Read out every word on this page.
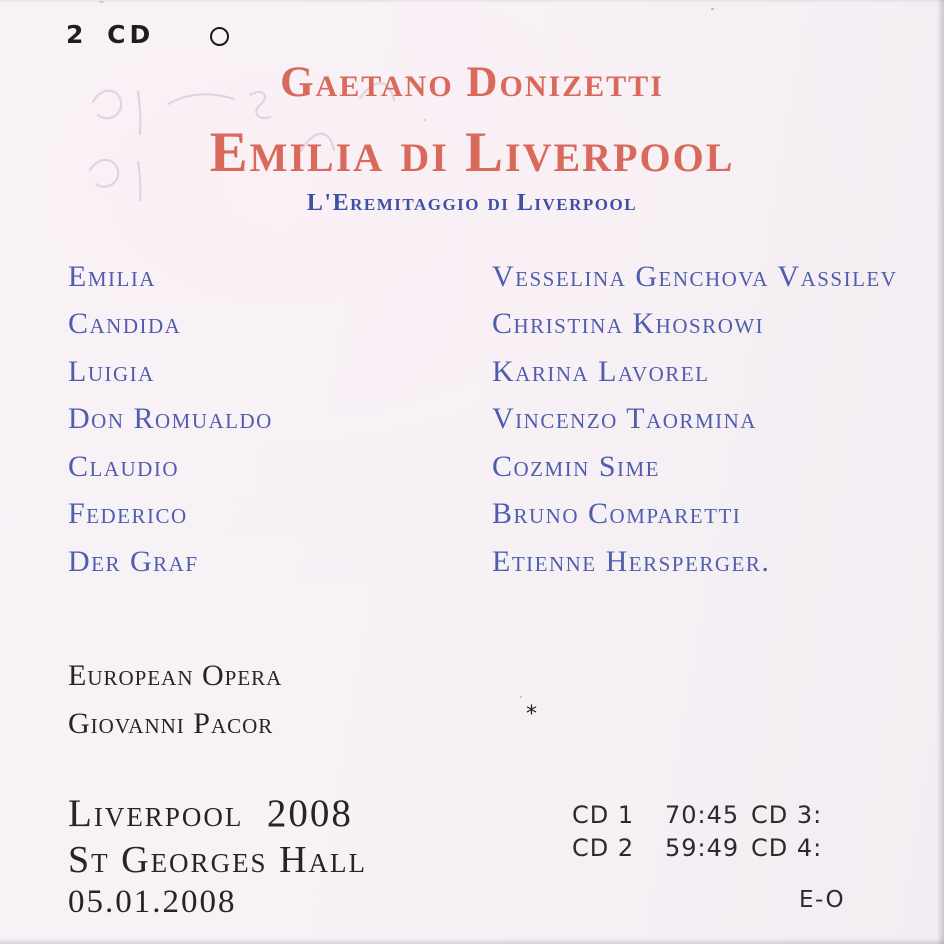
2 CD
Gaetano Donizetti
Emilia di Liverpool
L'Eremitaggio di Liverpool
Emilia	Vesselina Genchova Vassilev
Candida	Christina Khosrowi
Luigia	Karina Lavorel
Don Romualdo	Vincenzo Taormina
Claudio	Cozmin Sime
Federico	Bruno Comparetti
Der Graf	Etienne Hersperger.
European Opera
Giovanni Pacor	*
Liverpool  2008
St Georges Hall
05.01.2008
CD 1	70:45 CD 3:
CD 2	59:49 CD 4:
E-O
